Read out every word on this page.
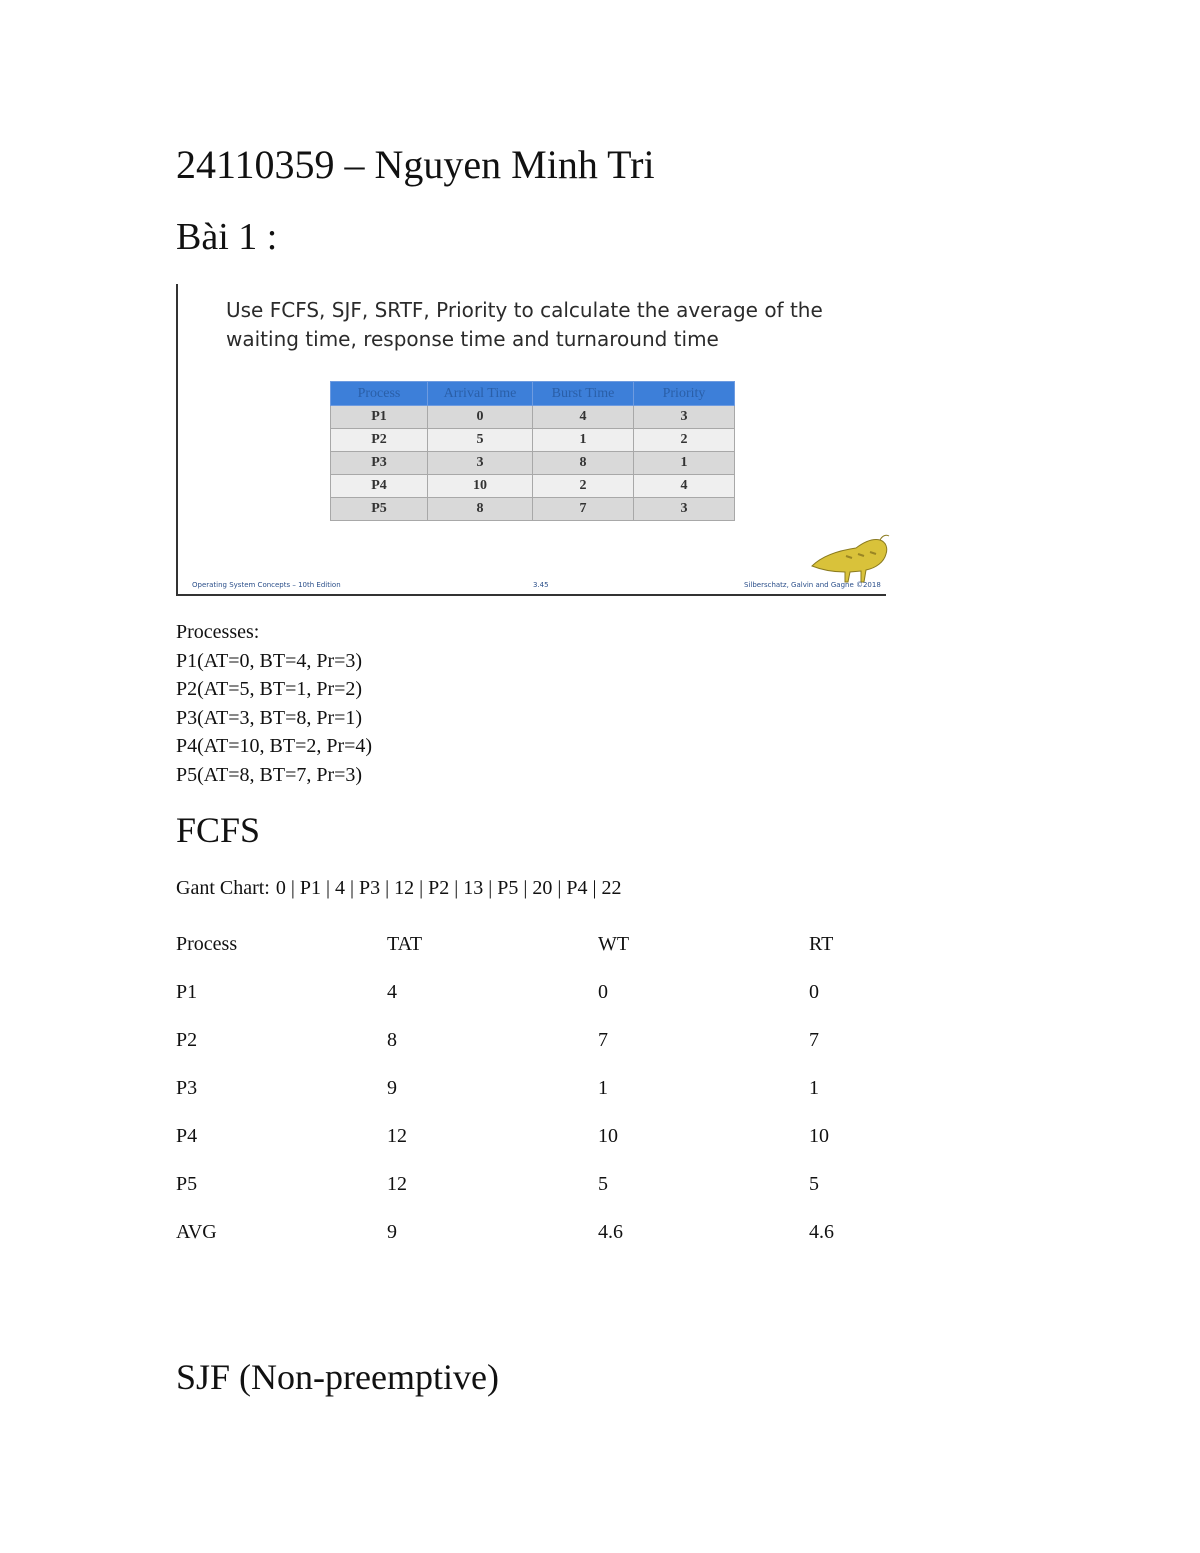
24110359 – Nguyen Minh Tri
Bài 1 :
Use FCFS, SJF, SRTF, Priority to calculate the average of the
waiting time, response time and turnaround time
Process	Arrival Time	Burst Time	Priority
P1	0	4	3
P2	5	1	2
P3	3	8	1
P4	10	2	4
P5	8	7	3
Operating System Concepts – 10th Edition	3.45	Silberschatz, Galvin and Gagne ©2018
Processes:
P1(AT=0, BT=4, Pr=3)
P2(AT=5, BT=1, Pr=2)
P3(AT=3, BT=8, Pr=1)
P4(AT=10, BT=2, Pr=4)
P5(AT=8, BT=7, Pr=3)
FCFS
Gant Chart: 0 | P1 | 4 | P3 | 12 | P2 | 13 | P5 | 20 | P4 | 22
Process	TAT	WT	RT
P1	4	0	0
P2	8	7	7
P3	9	1	1
P4	12	10	10
P5	12	5	5
AVG	9	4.6	4.6
SJF (Non-preemptive)
